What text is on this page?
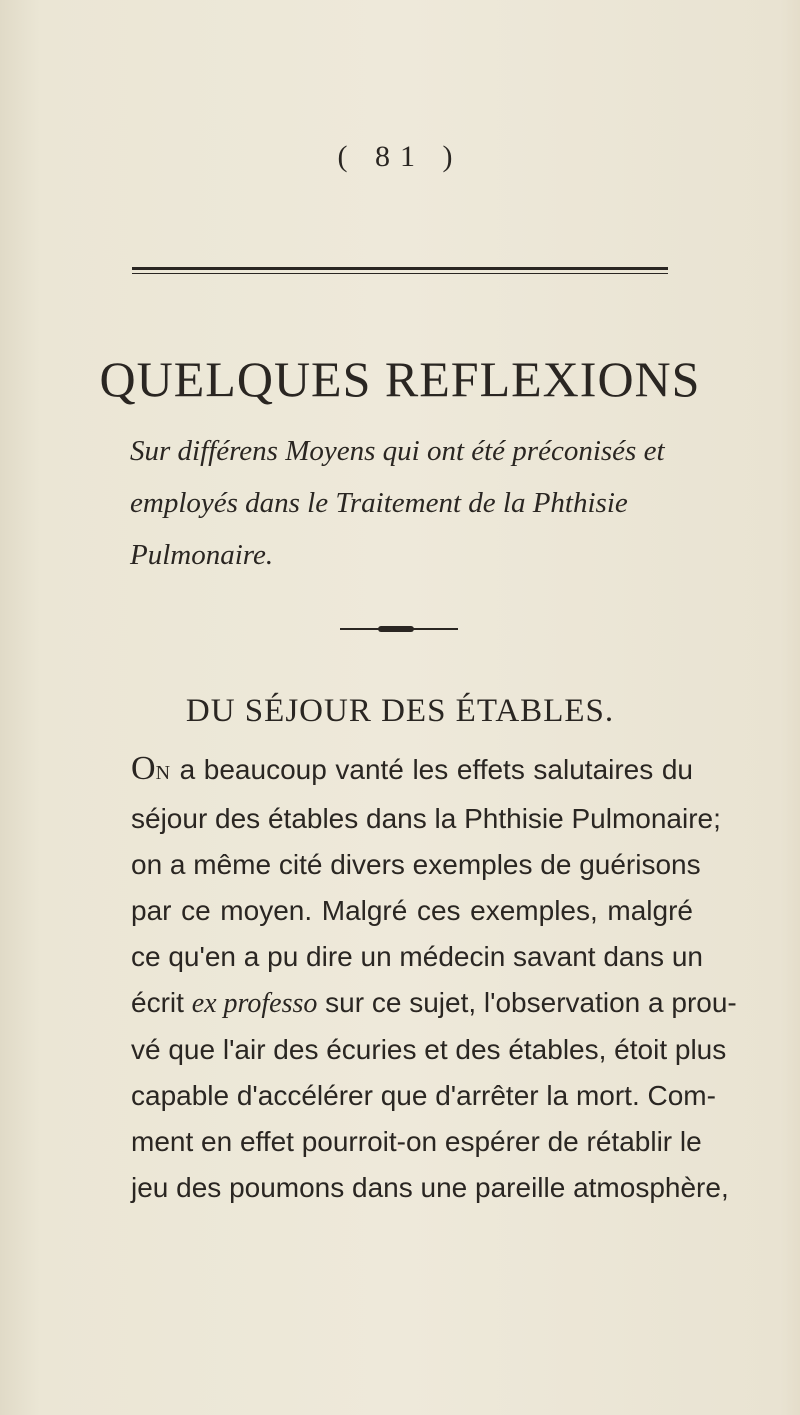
( 81 )
QUELQUES REFLEXIONS
Sur différens Moyens qui ont été préconisés et
employés dans le Traitement de la Phthisie
Pulmonaire.
DU SÉJOUR DES ÉTABLES.
ON a beaucoup vanté les effets salutaires du
séjour des étables dans la Phthisie Pulmonaire;
on a même cité divers exemples de guérisons
par ce moyen. Malgré ces exemples, malgré
ce qu'en a pu dire un médecin savant dans un
écrit ex professo sur ce sujet, l'observation a prou-
vé que l'air des écuries et des étables, étoit plus
capable d'accélérer que d'arrêter la mort. Com-
ment en effet pourroit-on espérer de rétablir le
jeu des poumons dans une pareille atmosphère,
